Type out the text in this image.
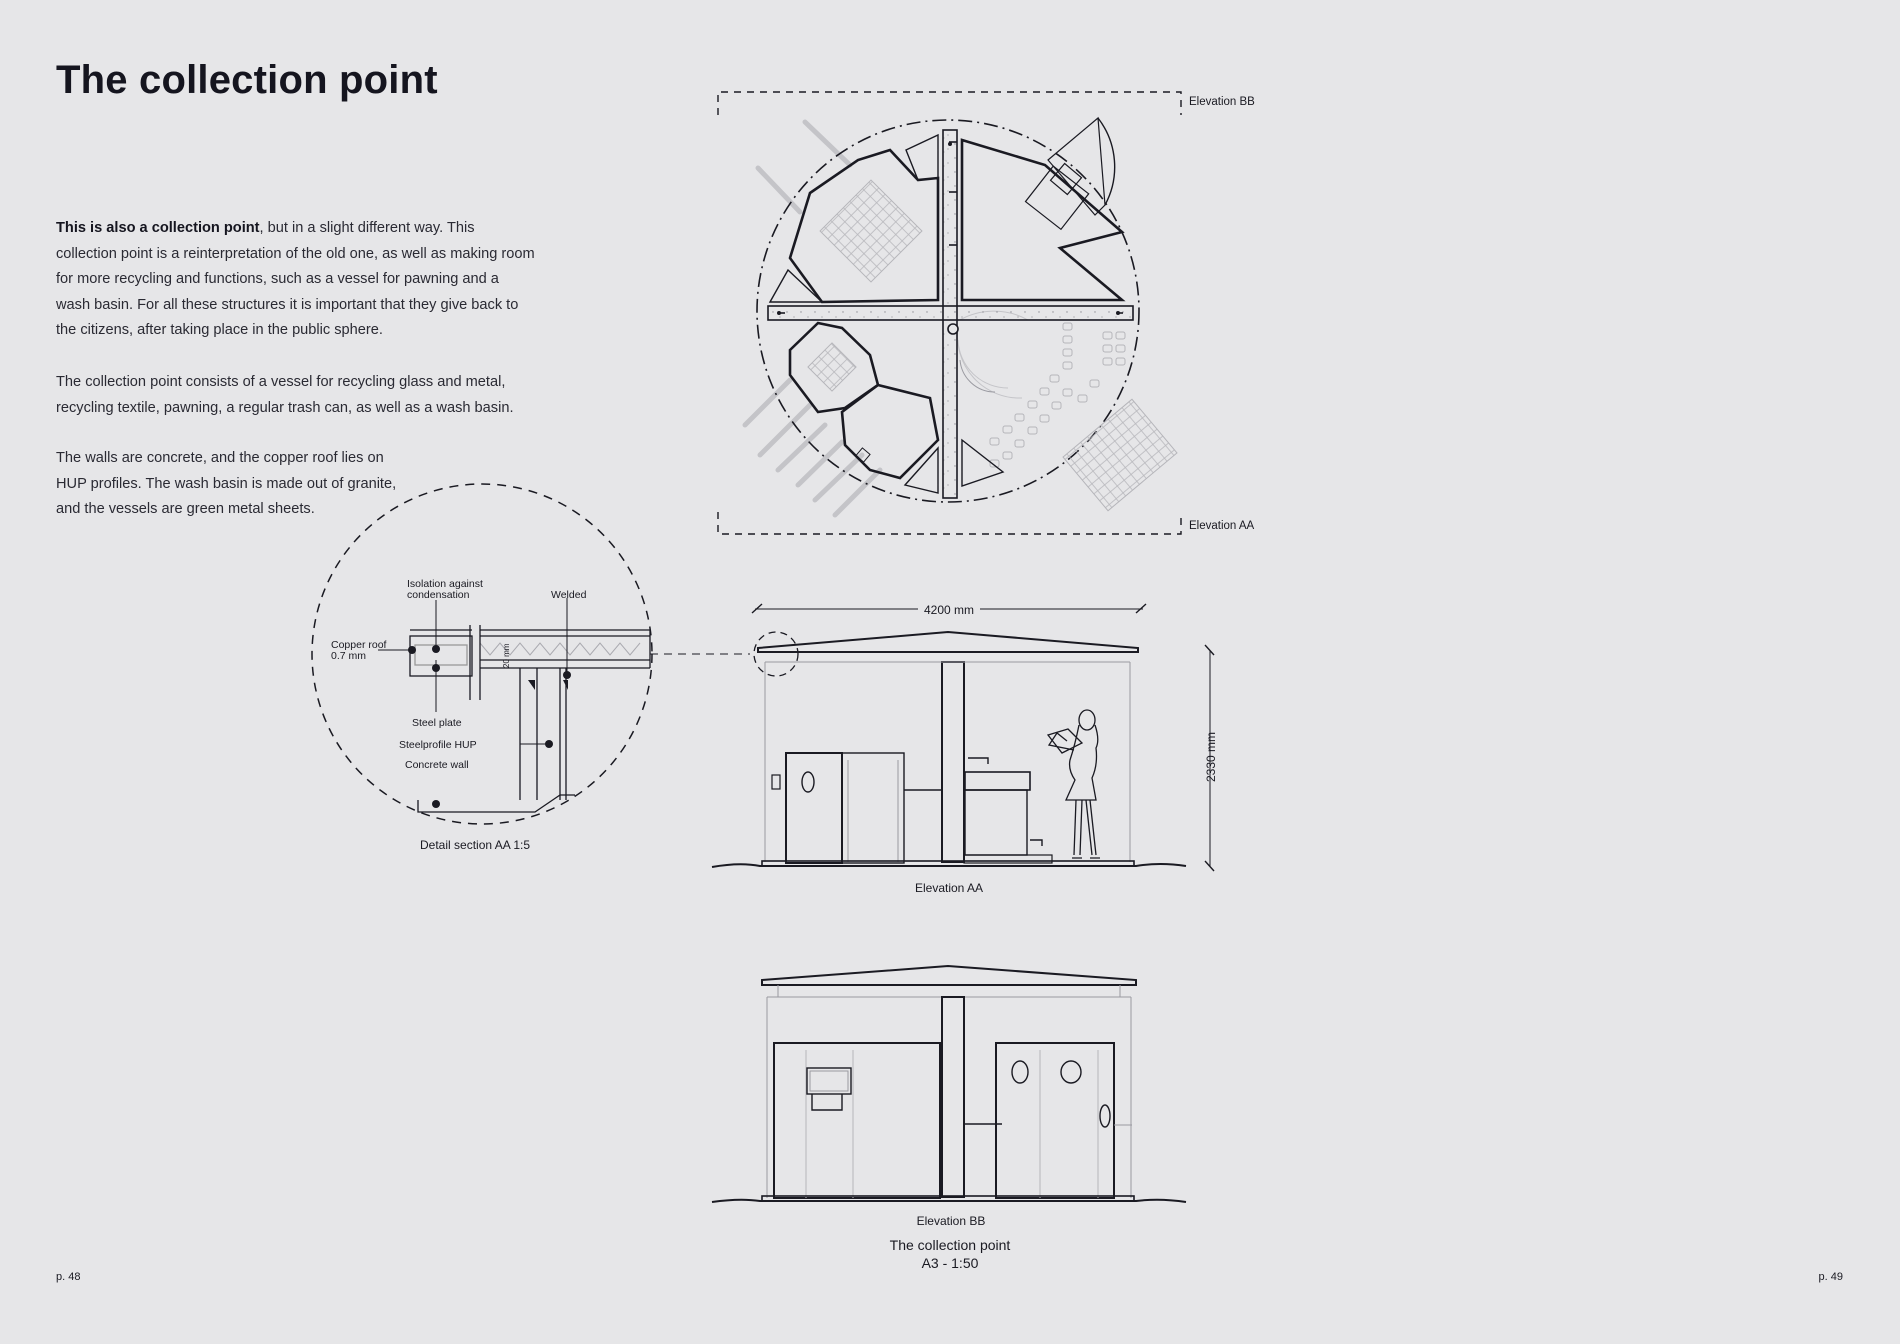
The collection point

This is also a collection point, but in a slight different way. This collection point is a reinterpretation of the old one, as well as making room for more recycling and functions, such as a vessel for pawning and a wash basin. For all these structures it is important that they give back to the citizens, after taking place in the public sphere.

The collection point consists of a vessel for recycling glass and metal, recycling textile, pawning, a regular trash can, as well as a wash basin.

The walls are concrete, and the copper roof lies on HUP profiles. The wash basin is made out of granite, and the vessels are green metal sheets.

Elevation BB
Elevation AA
Isolation against
condensation	Welded
Copper roof
0.7 mm	20 mm
Steel plate
Steelprofile HUP
Concrete wall
Detail section AA 1:5
4200 mm
2330 mm
Elevation AA
Elevation BB
The collection point
A3 - 1:50
p. 48	p. 49
